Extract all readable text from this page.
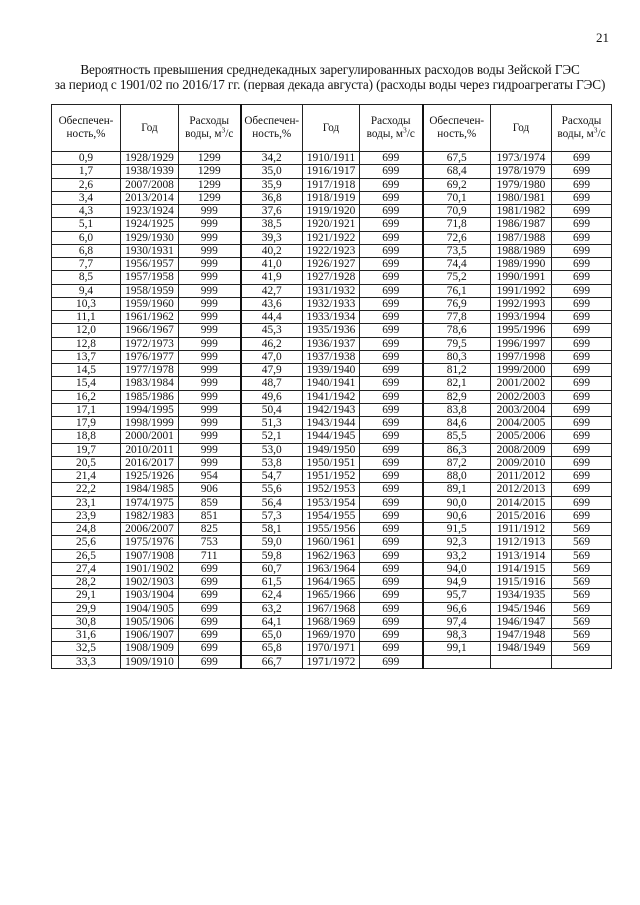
21
Вероятность превышения среднедекадных зарегулированных расходов воды Зейской ГЭС
за период с 1901/02 по 2016/17 гг. (первая декада августа) (расходы воды через гидроагрегаты ГЭС)
Обеспечен-ность,%	Год	Расходы воды, $м^3/с$	Обеспечен-ность,%	Год	Расходы воды, $м^3/с$	Обеспечен-ность,%	Год	Расходы воды, $м^3/с$
0,9	1928/1929	1299	34,2	1910/1911	699	67,5	1973/1974	699
1,7	1938/1939	1299	35,0	1916/1917	699	68,4	1978/1979	699
2,6	2007/2008	1299	35,9	1917/1918	699	69,2	1979/1980	699
3,4	2013/2014	1299	36,8	1918/1919	699	70,1	1980/1981	699
4,3	1923/1924	999	37,6	1919/1920	699	70,9	1981/1982	699
5,1	1924/1925	999	38,5	1920/1921	699	71,8	1986/1987	699
6,0	1929/1930	999	39,3	1921/1922	699	72,6	1987/1988	699
6,8	1930/1931	999	40,2	1922/1923	699	73,5	1988/1989	699
7,7	1956/1957	999	41,0	1926/1927	699	74,4	1989/1990	699
8,5	1957/1958	999	41,9	1927/1928	699	75,2	1990/1991	699
9,4	1958/1959	999	42,7	1931/1932	699	76,1	1991/1992	699
10,3	1959/1960	999	43,6	1932/1933	699	76,9	1992/1993	699
11,1	1961/1962	999	44,4	1933/1934	699	77,8	1993/1994	699
12,0	1966/1967	999	45,3	1935/1936	699	78,6	1995/1996	699
12,8	1972/1973	999	46,2	1936/1937	699	79,5	1996/1997	699
13,7	1976/1977	999	47,0	1937/1938	699	80,3	1997/1998	699
14,5	1977/1978	999	47,9	1939/1940	699	81,2	1999/2000	699
15,4	1983/1984	999	48,7	1940/1941	699	82,1	2001/2002	699
16,2	1985/1986	999	49,6	1941/1942	699	82,9	2002/2003	699
17,1	1994/1995	999	50,4	1942/1943	699	83,8	2003/2004	699
17,9	1998/1999	999	51,3	1943/1944	699	84,6	2004/2005	699
18,8	2000/2001	999	52,1	1944/1945	699	85,5	2005/2006	699
19,7	2010/2011	999	53,0	1949/1950	699	86,3	2008/2009	699
20,5	2016/2017	999	53,8	1950/1951	699	87,2	2009/2010	699
21,4	1925/1926	954	54,7	1951/1952	699	88,0	2011/2012	699
22,2	1984/1985	906	55,6	1952/1953	699	89,1	2012/2013	699
23,1	1974/1975	859	56,4	1953/1954	699	90,0	2014/2015	699
23,9	1982/1983	851	57,3	1954/1955	699	90,6	2015/2016	699
24,8	2006/2007	825	58,1	1955/1956	699	91,5	1911/1912	569
25,6	1975/1976	753	59,0	1960/1961	699	92,3	1912/1913	569
26,5	1907/1908	711	59,8	1962/1963	699	93,2	1913/1914	569
27,4	1901/1902	699	60,7	1963/1964	699	94,0	1914/1915	569
28,2	1902/1903	699	61,5	1964/1965	699	94,9	1915/1916	569
29,1	1903/1904	699	62,4	1965/1966	699	95,7	1934/1935	569
29,9	1904/1905	699	63,2	1967/1968	699	96,6	1945/1946	569
30,8	1905/1906	699	64,1	1968/1969	699	97,4	1946/1947	569
31,6	1906/1907	699	65,0	1969/1970	699	98,3	1947/1948	569
32,5	1908/1909	699	65,8	1970/1971	699	99,1	1948/1949	569
33,3	1909/1910	699	66,7	1971/1972	699			
